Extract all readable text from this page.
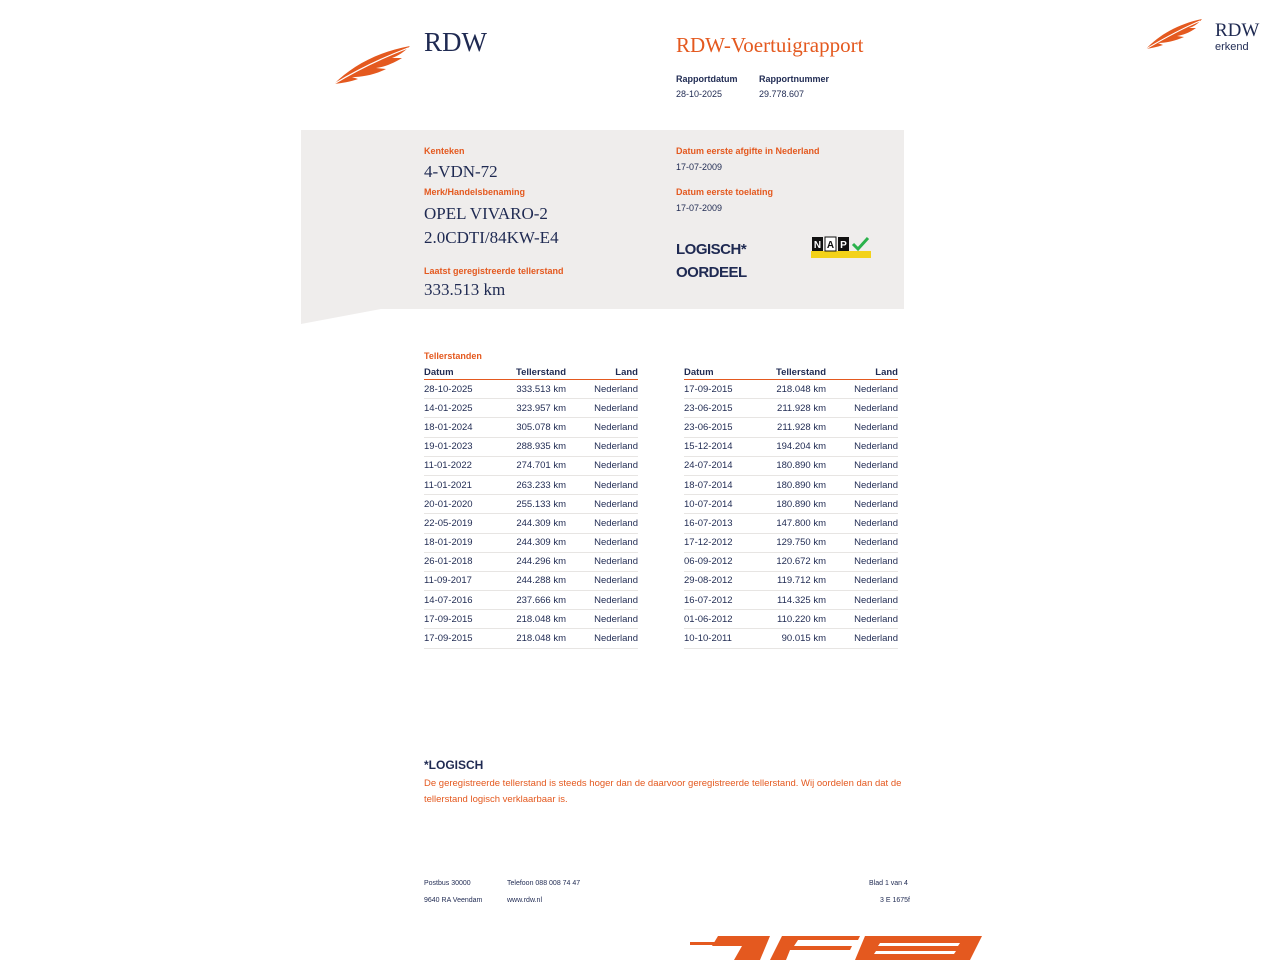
RDW	RDW-Voertuigrapport
Rapportdatum
28-10-2025
Rapportnummer
29.778.607
RDW
erkend
Kenteken
4-VDN-72
Merk/Handelsbenaming
OPEL VIVARO-2
2.0CDTI/84KW-E4
Laatst geregistreerde tellerstand
333.513 km
Datum eerste afgifte in Nederland
17-07-2009
Datum eerste toelating
17-07-2009
LOGISCH*
OORDEEL
N A P
Tellerstanden
Datum	Tellerstand	Land
28-10-2025	333.513 km	Nederland
14-01-2025	323.957 km	Nederland
18-01-2024	305.078 km	Nederland
19-01-2023	288.935 km	Nederland
11-01-2022	274.701 km	Nederland
11-01-2021	263.233 km	Nederland
20-01-2020	255.133 km	Nederland
22-05-2019	244.309 km	Nederland
18-01-2019	244.309 km	Nederland
26-01-2018	244.296 km	Nederland
11-09-2017	244.288 km	Nederland
14-07-2016	237.666 km	Nederland
17-09-2015	218.048 km	Nederland
17-09-2015	218.048 km	Nederland
Datum	Tellerstand	Land
17-09-2015	218.048 km	Nederland
23-06-2015	211.928 km	Nederland
23-06-2015	211.928 km	Nederland
15-12-2014	194.204 km	Nederland
24-07-2014	180.890 km	Nederland
18-07-2014	180.890 km	Nederland
10-07-2014	180.890 km	Nederland
16-07-2013	147.800 km	Nederland
17-12-2012	129.750 km	Nederland
06-09-2012	120.672 km	Nederland
29-08-2012	119.712 km	Nederland
16-07-2012	114.325 km	Nederland
01-06-2012	110.220 km	Nederland
10-10-2011	90.015 km	Nederland
*LOGISCH
De geregistreerde tellerstand is steeds hoger dan de daarvoor geregistreerde tellerstand. Wij oordelen dan dat de tellerstand logisch verklaarbaar is.
Postbus 30000
9640 RA Veendam
Telefoon 088 008 74 47
www.rdw.nl
Blad 1 van 4
3 E 1675f
